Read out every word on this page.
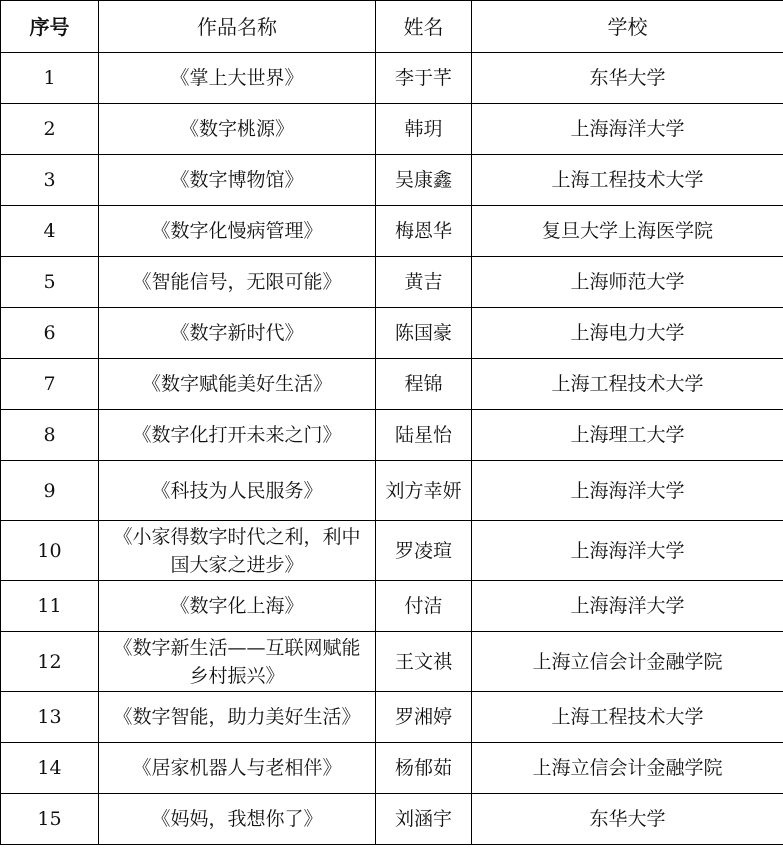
序号	作品名称	姓名	学校
1	《掌上大世界》	李于芊	东华大学
2	《数字桃源》	韩玥	上海海洋大学
3	《数字博物馆》	吴康鑫	上海工程技术大学
4	《数字化慢病管理》	梅恩华	复旦大学上海医学院
5	《智能信号，无限可能》	黄吉	上海师范大学
6	《数字新时代》	陈国豪	上海电力大学
7	《数字赋能美好生活》	程锦	上海工程技术大学
8	《数字化打开未来之门》	陆星怡	上海理工大学
9	《科技为人民服务》	刘方幸妍	上海海洋大学
10	《小家得数字时代之利，利中国大家之进步》	罗凌瑄	上海海洋大学
11	《数字化上海》	付洁	上海海洋大学
12	《数字新生活——互联网赋能乡村振兴》	王文祺	上海立信会计金融学院
13	《数字智能，助力美好生活》	罗湘婷	上海工程技术大学
14	《居家机器人与老相伴》	杨郁茹	上海立信会计金融学院
15	《妈妈，我想你了》	刘涵宇	东华大学
